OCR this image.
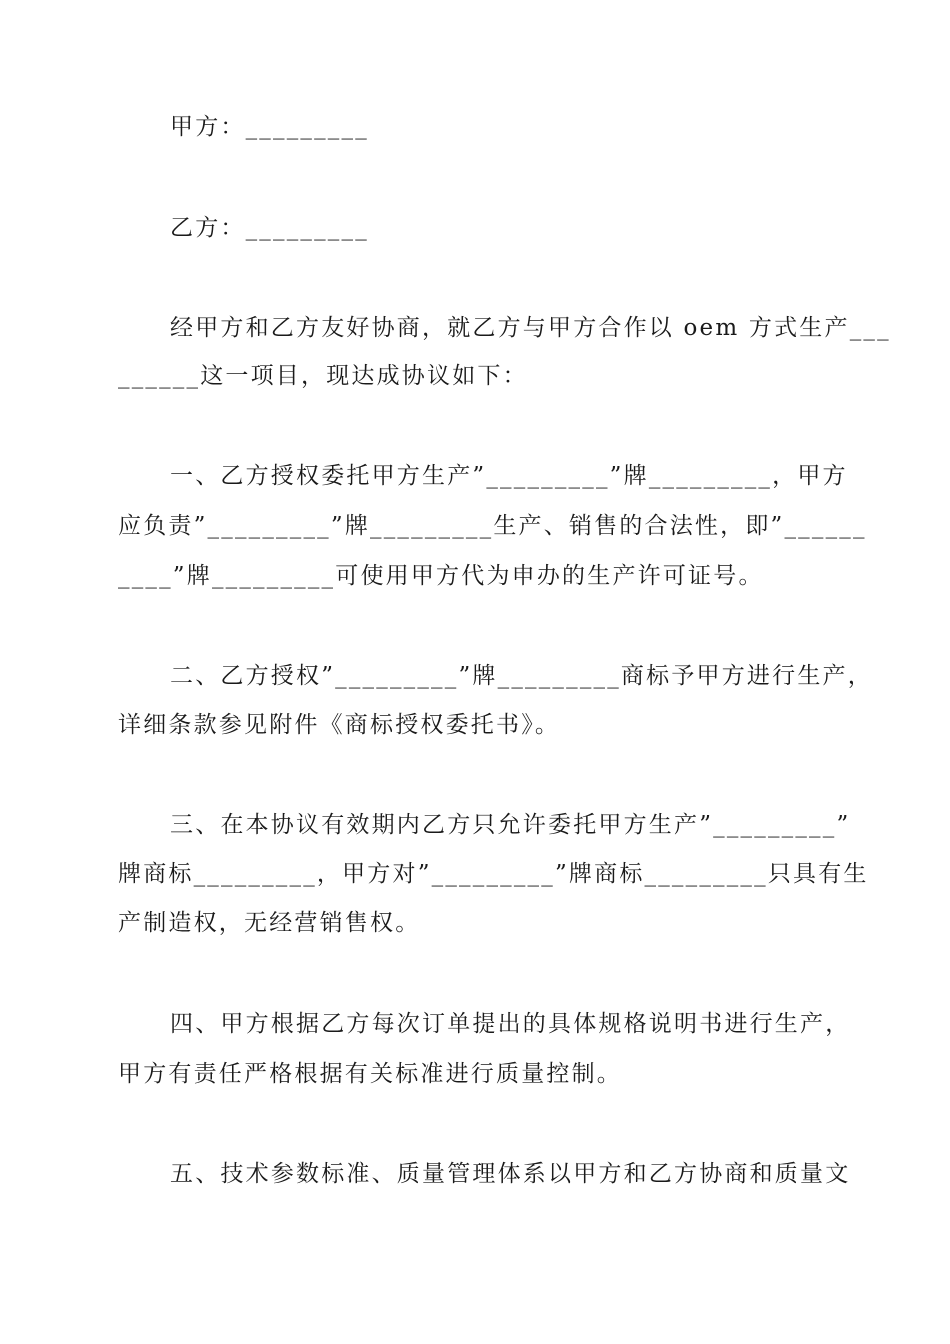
甲方：_________
乙方：_________
经甲方和乙方友好协商，就乙方与甲方合作以 oem 方式生产___
______这一项目，现达成协议如下：
一、乙方授权委托甲方生产”_________”牌_________，甲方
应负责”_________”牌_________生产、销售的合法性，即”______
____”牌_________可使用甲方代为申办的生产许可证号。
二、乙方授权”_________”牌_________商标予甲方进行生产，
详细条款参见附件《商标授权委托书》。
三、在本协议有效期内乙方只允许委托甲方生产”_________”
牌商标_________，甲方对”_________”牌商标_________只具有生
产制造权，无经营销售权。
四、甲方根据乙方每次订单提出的具体规格说明书进行生产，
甲方有责任严格根据有关标准进行质量控制。
五、技术参数标准、质量管理体系以甲方和乙方协商和质量文
